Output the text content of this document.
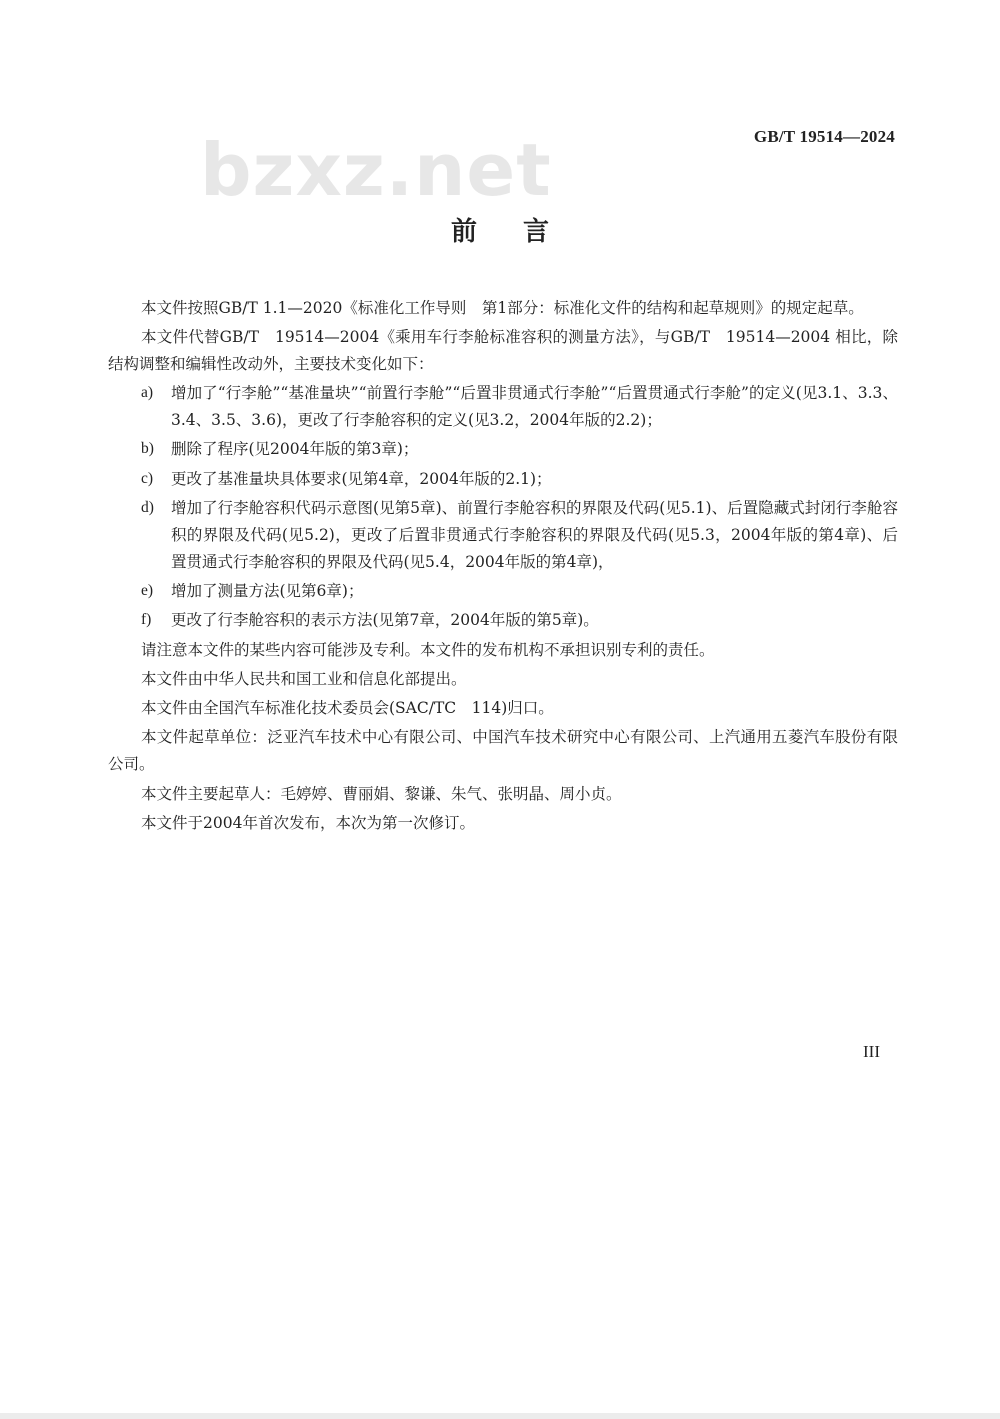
GB/T 19514—2024
bzxz.net
前言

本文件按照GB/T 1.1—2020《标准化工作导则　第1部分：标准化文件的结构和起草规则》的规定起草。

本文件代替GB/T　19514—2004《乘用车行李舱标准容积的测量方法》，与GB/T　19514—2004 相比，除结构调整和编辑性改动外，主要技术变化如下：

a) 增加了“行李舱”“基准量块”“前置行李舱”“后置非贯通式行李舱”“后置贯通式行李舱”的定义(见3.1、3.3、3.4、3.5、3.6)，更改了行李舱容积的定义(见3.2，2004年版的2.2)；
b) 删除了程序(见2004年版的第3章)；
c) 更改了基准量块具体要求(见第4章，2004年版的2.1)；
d) 增加了行李舱容积代码示意图(见第5章)、前置行李舱容积的界限及代码(见5.1)、后置隐藏式封闭行李舱容积的界限及代码(见5.2)，更改了后置非贯通式行李舱容积的界限及代码(见5.3，2004年版的第4章)、后置贯通式行李舱容积的界限及代码(见5.4，2004年版的第4章)，
e) 增加了测量方法(见第6章)；
f) 更改了行李舱容积的表示方法(见第7章，2004年版的第5章)。

请注意本文件的某些内容可能涉及专利。本文件的发布机构不承担识别专利的责任。

本文件由中华人民共和国工业和信息化部提出。

本文件由全国汽车标准化技术委员会(SAC/TC　114)归口。

本文件起草单位：泛亚汽车技术中心有限公司、中国汽车技术研究中心有限公司、上汽通用五菱汽车股份有限公司。

本文件主要起草人：毛婷婷、曹丽娟、黎谦、朱气、张明晶、周小贞。

本文件于2004年首次发布，本次为第一次修订。

III
